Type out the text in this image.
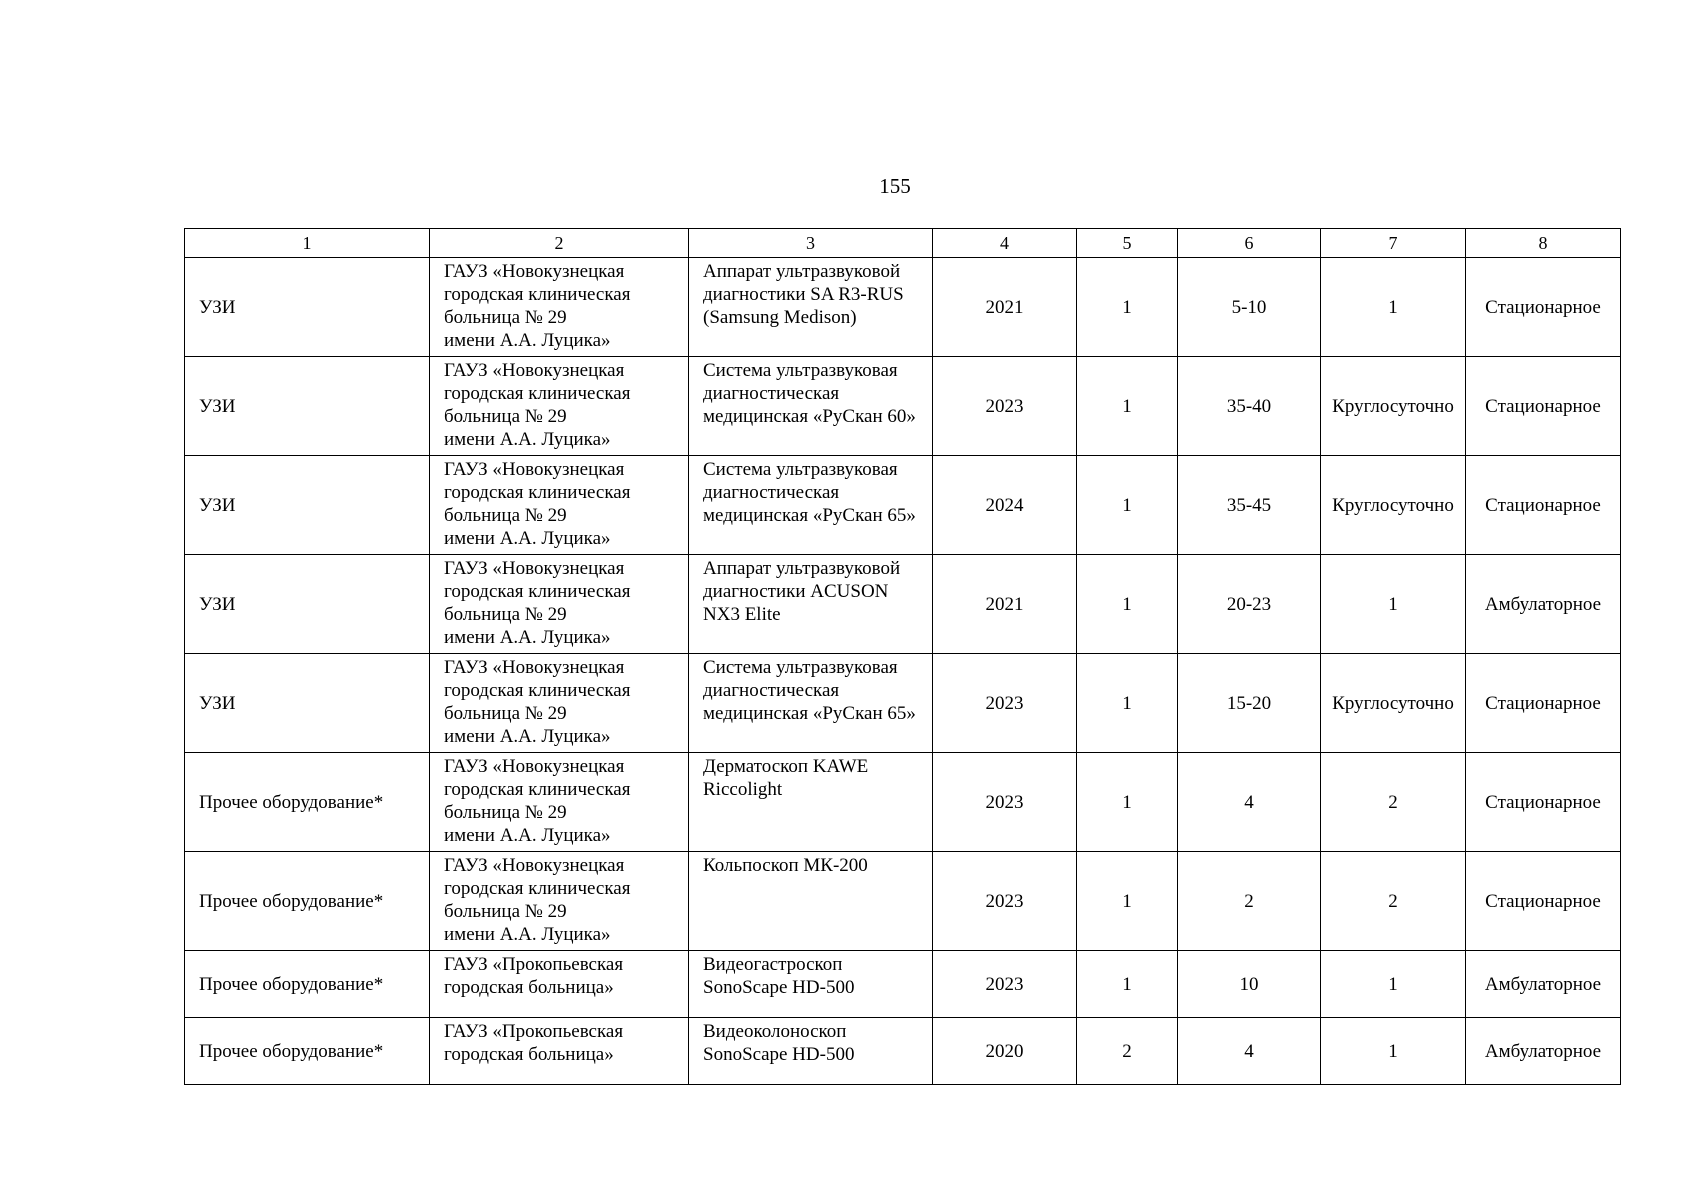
155
1	2	3	4	5	6	7	8

УЗИ	ГАУЗ «Новокузнецкая
городская клиническая
больница № 29
имени А.А. Луцика»	Аппарат ультразвуковой
диагностики SA R3-RUS
(Samsung Medison)	2021	1	5-10	1	Стационарное

УЗИ	ГАУЗ «Новокузнецкая
городская клиническая
больница № 29
имени А.А. Луцика»	Система ультразвуковая
диагностическая
медицинская «РуСкан 60»	2023	1	35-40	Круглосуточно	Стационарное

УЗИ	ГАУЗ «Новокузнецкая
городская клиническая
больница № 29
имени А.А. Луцика»	Система ультразвуковая
диагностическая
медицинская «РуСкан 65»	2024	1	35-45	Круглосуточно	Стационарное

УЗИ	ГАУЗ «Новокузнецкая
городская клиническая
больница № 29
имени А.А. Луцика»	Аппарат ультразвуковой
диагностики ACUSON
NX3 Elite	2021	1	20-23	1	Амбулаторное

УЗИ	ГАУЗ «Новокузнецкая
городская клиническая
больница № 29
имени А.А. Луцика»	Система ультразвуковая
диагностическая
медицинская «РуСкан 65»	2023	1	15-20	Круглосуточно	Стационарное

Прочее оборудование*	ГАУЗ «Новокузнецкая
городская клиническая
больница № 29
имени А.А. Луцика»	Дерматоскоп KAWE
Riccolight	2023	1	4	2	Стационарное

Прочее оборудование*	ГАУЗ «Новокузнецкая
городская клиническая
больница № 29
имени А.А. Луцика»	Кольпоскоп МК-200	2023	1	2	2	Стационарное

Прочее оборудование*	ГАУЗ «Прокопьевская
городская больница»	Видеогастроскоп
SonoScape HD-500	2023	1	10	1	Амбулаторное

Прочее оборудование*	ГАУЗ «Прокопьевская
городская больница»	Видеоколоноскоп
SonoScape HD-500	2020	2	4	1	Амбулаторное
